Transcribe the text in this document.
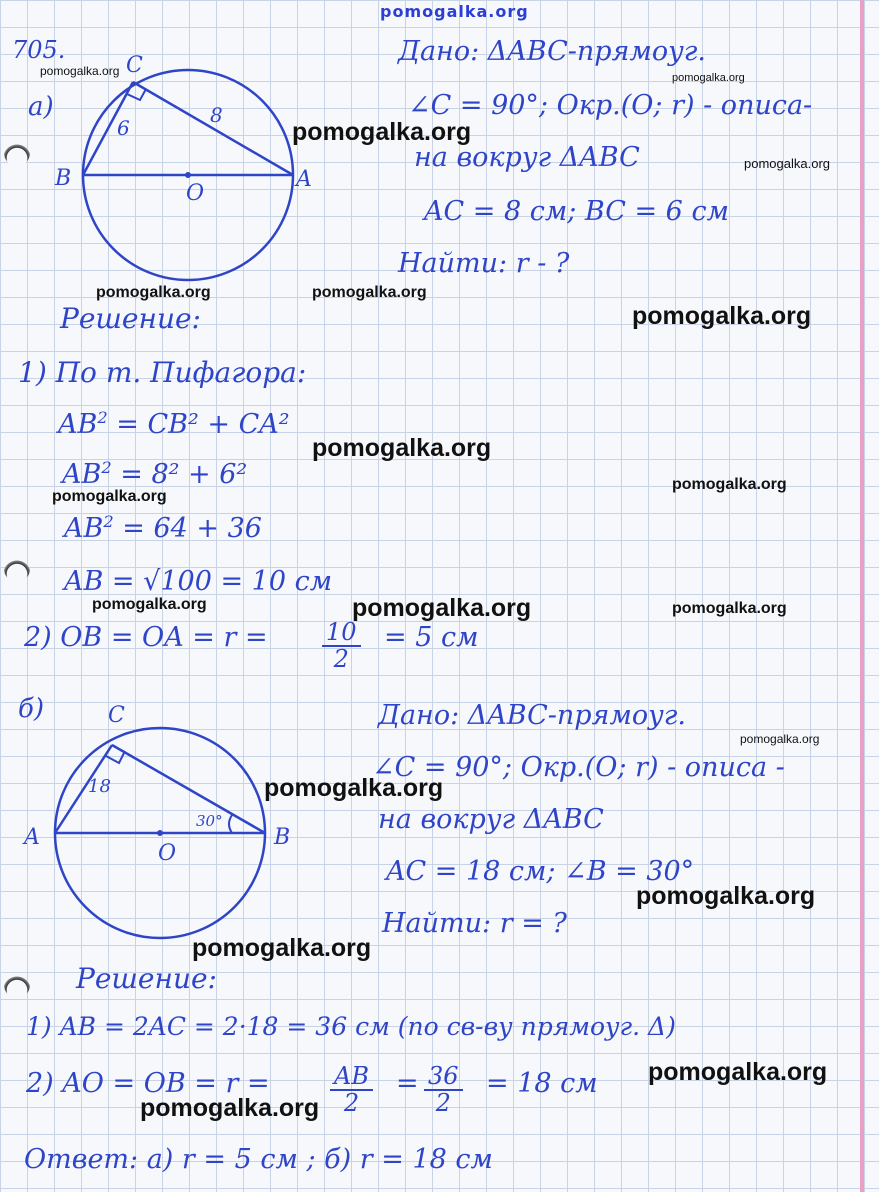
pomogalka.org
705.
а)
C
B	A
O
6
8
C
A	B
O
18
30°
Дано: ΔABC-прямоуг.
∠C = 90°; Окр.(O; r) - описа-
на вокруг ΔABC
AC = 8 см; BC = 6 см
Найти: r - ?
Решение:
1) По т. Пифагора:
$AB^2 = CB^2 + CA^2$
$AB^2 = 8^2 + 6^2$
$AB^2 = 64 + 36$
AB = √100 = 10 см
2) OB = OA = $r = \frac{10}{2} = 5$ см
б)	Дано: ΔABC-прямоуг.
∠C = 90°; Окр.(O; r) - описа -
на вокруг ΔABC
AC = 18 см; ∠B = 30°
Найти: r = ?
Решение:
1) AB = 2AC = 2·18 = 36 см (по св-ву прямоуг. Δ)
2) AO = OB = r =	$\frac{AB}{2} = \frac{36}{2} = 18$ см
Ответ: а) r = 5 см ; б) r = 18 см
pomogalka.org	pomogalka.org
pomogalka.org
pomogalka.org
pomogalka.org	pomogalka.org
pomogalka.org
pomogalka.org
pomogalka.org
pomogalka.org
pomogalka.org	pomogalka.org	pomogalka.org
pomogalka.org
pomogalka.org
pomogalka.org
pomogalka.org
pomogalka.org
pomogalka.org
